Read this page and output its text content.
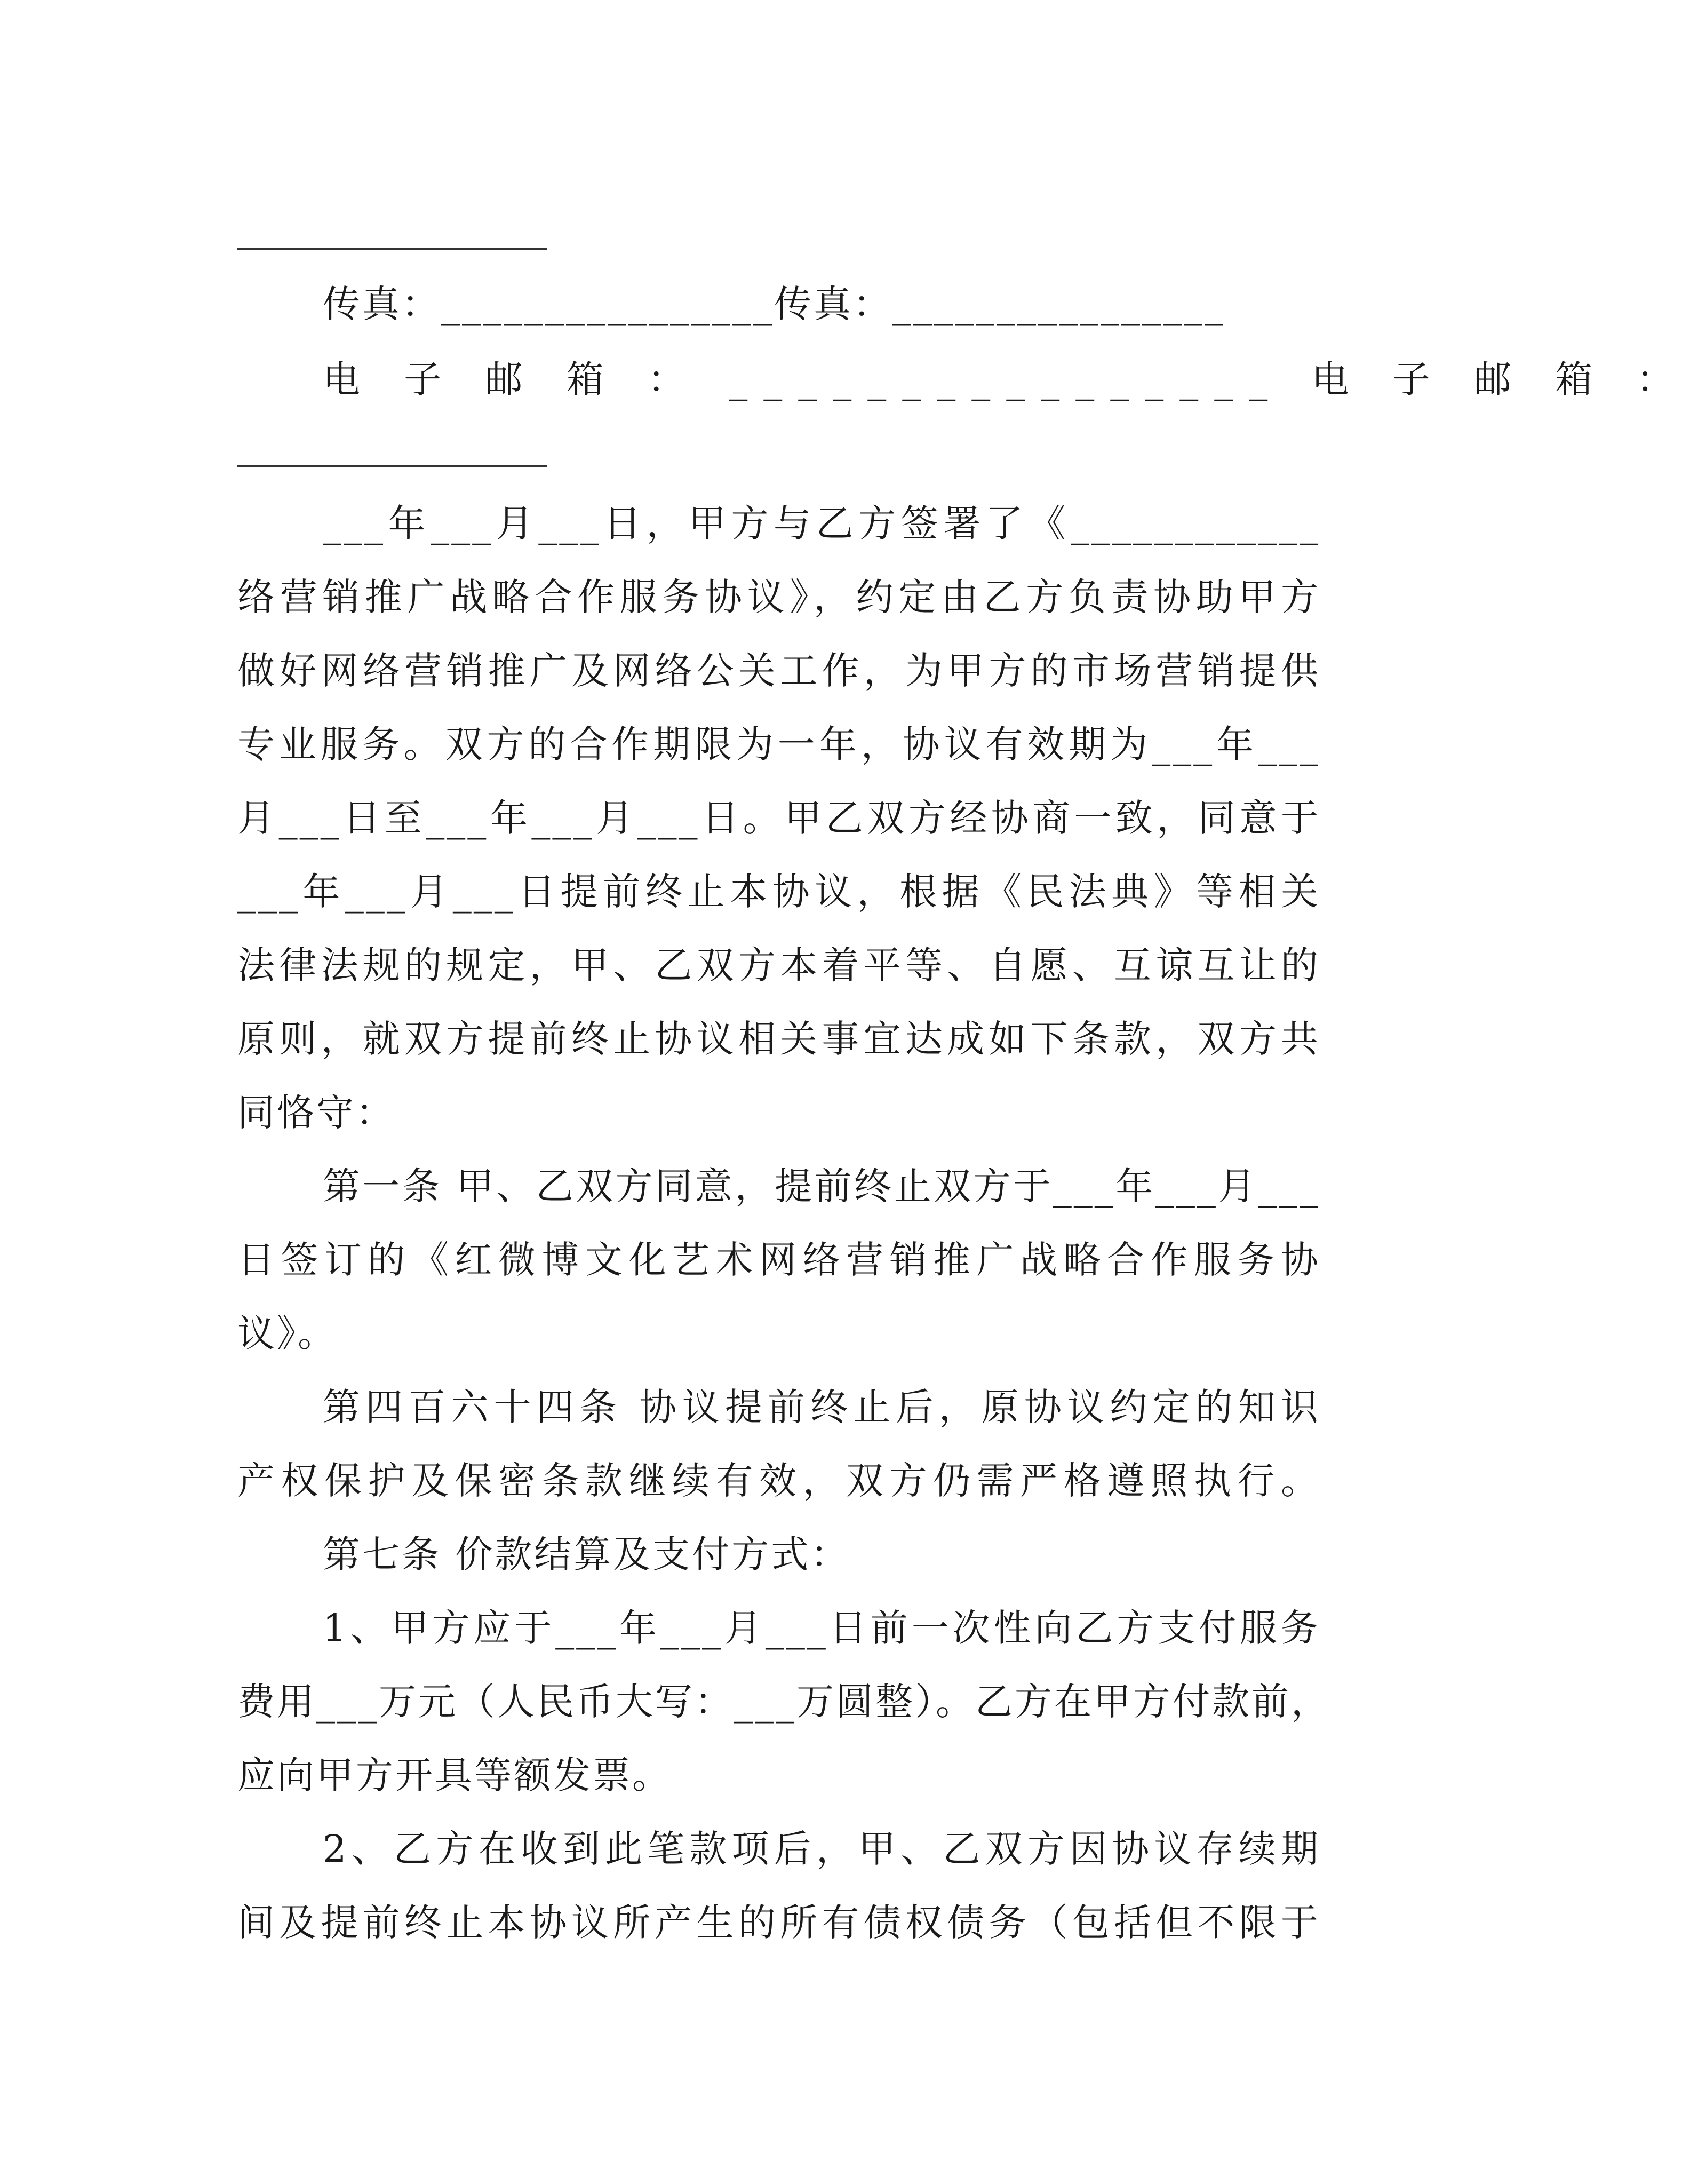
传真：________________传真：________________
电 子 邮 箱 ： ________________ 电 子 邮 箱 ：
___年___月___日，甲方与乙方签署了《____________
络营销推广战略合作服务协议》，约定由乙方负责协助甲方
做好网络营销推广及网络公关工作，为甲方的市场营销提供
专业服务。双方的合作期限为一年，协议有效期为___年___
月___日至___年___月___日。甲乙双方经协商一致，同意于
___年___月___日提前终止本协议，根据《民法典》等相关
法律法规的规定，甲、乙双方本着平等、自愿、互谅互让的
原则，就双方提前终止协议相关事宜达成如下条款，双方共
同恪守：
第一条 甲、乙双方同意，提前终止双方于___年___月___
日签订的《红微博文化艺术网络营销推广战略合作服务协
议》。
第四百六十四条 协议提前终止后，原协议约定的知识
产权保护及保密条款继续有效，双方仍需严格遵照执行。
第七条 价款结算及支付方式：
1、甲方应于___年___月___日前一次性向乙方支付服务
费用___万元（人民币大写：___万圆整）。乙方在甲方付款前，
应向甲方开具等额发票。
2、乙方在收到此笔款项后，甲、乙双方因协议存续期
间及提前终止本协议所产生的所有债权债务（包括但不限于
